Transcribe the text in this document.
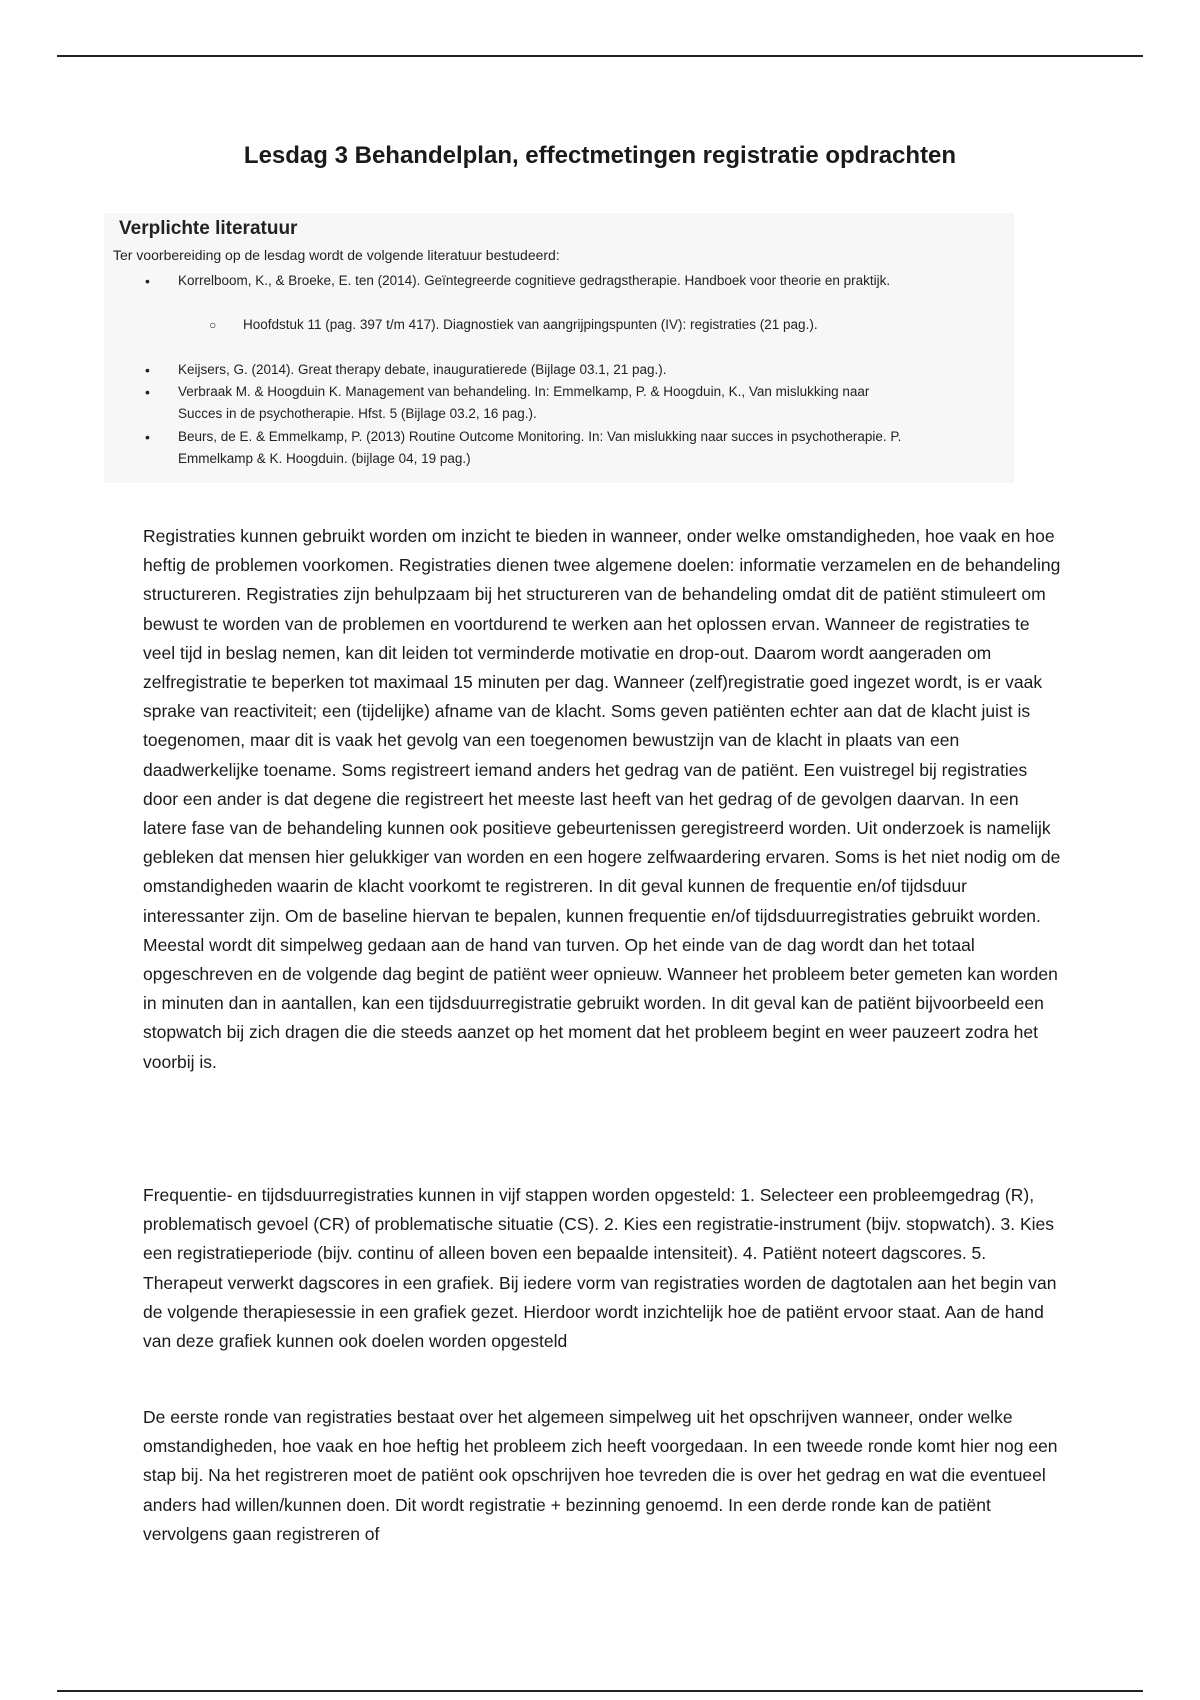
Lesdag 3 Behandelplan, effectmetingen registratie opdrachten
Verplichte literatuur

Ter voorbereiding op de lesdag wordt de volgende literatuur bestudeerd:

• Korrelboom, K., & Broeke, E. ten (2014). Geïntegreerde cognitieve gedragstherapie. Handboek voor theorie en praktijk.
○ Hoofdstuk 11 (pag. 397 t/m 417). Diagnostiek van aangrijpingspunten (IV): registraties (21 pag.).
• Keijsers, G. (2014). Great therapy debate, inauguratierede (Bijlage 03.1, 21 pag.).
• Verbraak M. & Hoogduin K. Management van behandeling. In: Emmelkamp, P. & Hoogduin, K., Van mislukking naar Succes in de psychotherapie. Hfst. 5 (Bijlage 03.2, 16 pag.).
• Beurs, de E. & Emmelkamp, P. (2013) Routine Outcome Monitoring. In: Van mislukking naar succes in psychotherapie. P. Emmelkamp & K. Hoogduin. (bijlage 04, 19 pag.)

Registraties kunnen gebruikt worden om inzicht te bieden in wanneer, onder welke omstandigheden, hoe vaak en hoe heftig de problemen voorkomen. Registraties dienen twee algemene doelen: informatie verzamelen en de behandeling structureren. Registraties zijn behulpzaam bij het structureren van de behandeling omdat dit de patiënt stimuleert om bewust te worden van de problemen en voortdurend te werken aan het oplossen ervan. Wanneer de registraties te veel tijd in beslag nemen, kan dit leiden tot verminderde motivatie en drop-out. Daarom wordt aangeraden om zelfregistratie te beperken tot maximaal 15 minuten per dag. Wanneer (zelf)registratie goed ingezet wordt, is er vaak sprake van reactiviteit; een (tijdelijke) afname van de klacht. Soms geven patiënten echter aan dat de klacht juist is toegenomen, maar dit is vaak het gevolg van een toegenomen bewustzijn van de klacht in plaats van een daadwerkelijke toename. Soms registreert iemand anders het gedrag van de patiënt. Een vuistregel bij registraties door een ander is dat degene die registreert het meeste last heeft van het gedrag of de gevolgen daarvan. In een latere fase van de behandeling kunnen ook positieve gebeurtenissen geregistreerd worden. Uit onderzoek is namelijk gebleken dat mensen hier gelukkiger van worden en een hogere zelfwaardering ervaren. Soms is het niet nodig om de omstandigheden waarin de klacht voorkomt te registreren. In dit geval kunnen de frequentie en/of tijdsduur interessanter zijn. Om de baseline hiervan te bepalen, kunnen frequentie en/of tijdsduurregistraties gebruikt worden. Meestal wordt dit simpelweg gedaan aan de hand van turven. Op het einde van de dag wordt dan het totaal opgeschreven en de volgende dag begint de patiënt weer opnieuw. Wanneer het probleem beter gemeten kan worden in minuten dan in aantallen, kan een tijdsduurregistratie gebruikt worden. In dit geval kan de patiënt bijvoorbeeld een stopwatch bij zich dragen die die steeds aanzet op het moment dat het probleem begint en weer pauzeert zodra het voorbij is.

Frequentie- en tijdsduurregistraties kunnen in vijf stappen worden opgesteld: 1. Selecteer een probleemgedrag (R), problematisch gevoel (CR) of problematische situatie (CS). 2. Kies een registratie-instrument (bijv. stopwatch). 3. Kies een registratieperiode (bijv. continu of alleen boven een bepaalde intensiteit). 4. Patiënt noteert dagscores. 5. Therapeut verwerkt dagscores in een grafiek. Bij iedere vorm van registraties worden de dagtotalen aan het begin van de volgende therapiesessie in een grafiek gezet. Hierdoor wordt inzichtelijk hoe de patiënt ervoor staat. Aan de hand van deze grafiek kunnen ook doelen worden opgesteld

De eerste ronde van registraties bestaat over het algemeen simpelweg uit het opschrijven wanneer, onder welke omstandigheden, hoe vaak en hoe heftig het probleem zich heeft voorgedaan. In een tweede ronde komt hier nog een stap bij. Na het registreren moet de patiënt ook opschrijven hoe tevreden die is over het gedrag en wat die eventueel anders had willen/kunnen doen. Dit wordt registratie + bezinning genoemd. In een derde ronde kan de patiënt vervolgens gaan registreren of
